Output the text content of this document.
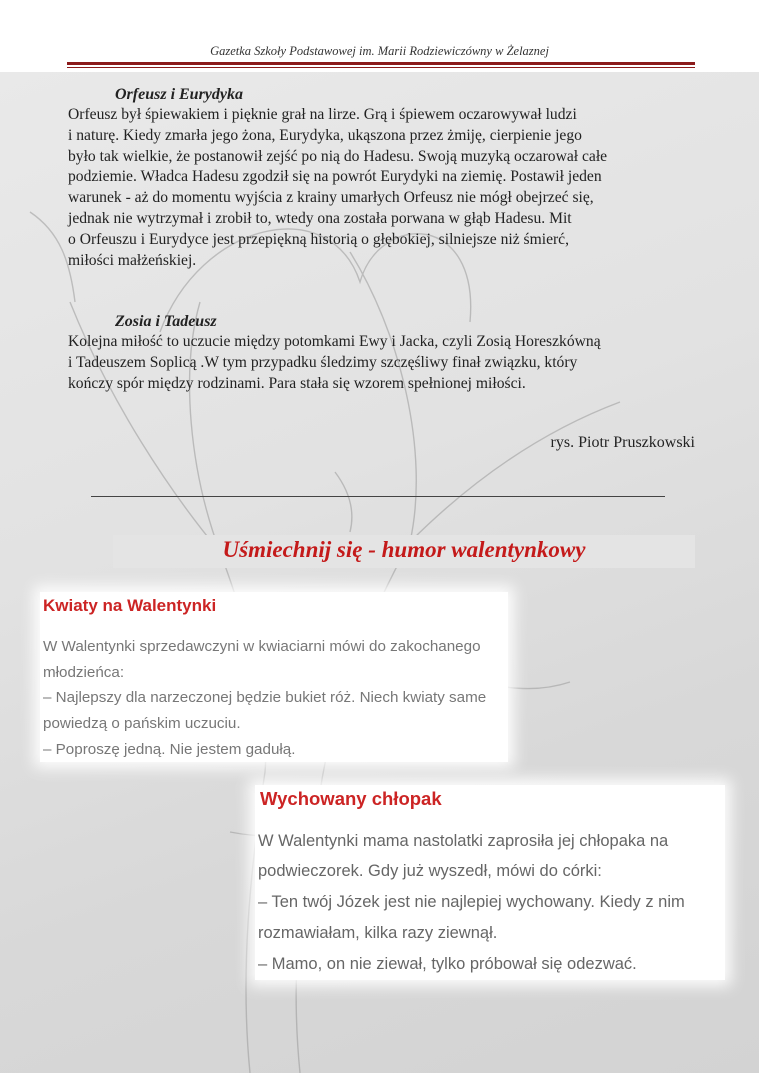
Gazetka Szkoły Podstawowej im. Marii Rodziewiczówny w Żelaznej
Orfeusz i Eurydyka
Orfeusz był śpiewakiem i pięknie grał na lirze. Grą i śpiewem oczarowywał ludzi
i naturę. Kiedy zmarła jego żona, Eurydyka, ukąszona przez żmiję, cierpienie jego
było tak wielkie, że postanowił zejść po nią do Hadesu. Swoją muzyką oczarował całe
podziemie. Władca Hadesu zgodził się na powrót Eurydyki na ziemię. Postawił jeden
warunek - aż do momentu wyjścia z krainy umarłych Orfeusz nie mógł obejrzeć się,
jednak nie wytrzymał i zrobił to, wtedy ona została porwana w głąb Hadesu. Mit
o Orfeuszu i Eurydyce jest przepiękną historią o głębokiej, silniejsze niż śmierć,
miłości małżeńskiej.
Zosia i Tadeusz
Kolejna miłość to uczucie między potomkami Ewy i Jacka, czyli Zosią Horeszkówną
i Tadeuszem Soplicą .W tym przypadku śledzimy szczęśliwy finał związku, który
kończy spór między rodzinami. Para stała się wzorem spełnionej miłości.
rys. Piotr Pruszkowski
Uśmiechnij się - humor walentynkowy
Kwiaty na Walentynki
W Walentynki sprzedawczyni w kwiaciarni mówi do zakochanego
młodzieńca:
– Najlepszy dla narzeczonej będzie bukiet róż. Niech kwiaty same
powiedzą o pańskim uczuciu.
– Poproszę jedną. Nie jestem gadułą.
Wychowany chłopak
W Walentynki mama nastolatki zaprosiła jej chłopaka na
podwieczorek. Gdy już wyszedł, mówi do córki:
– Ten twój Józek jest nie najlepiej wychowany. Kiedy z nim
rozmawiałam, kilka razy ziewnął.
– Mamo, on nie ziewał, tylko próbował się odezwać.
